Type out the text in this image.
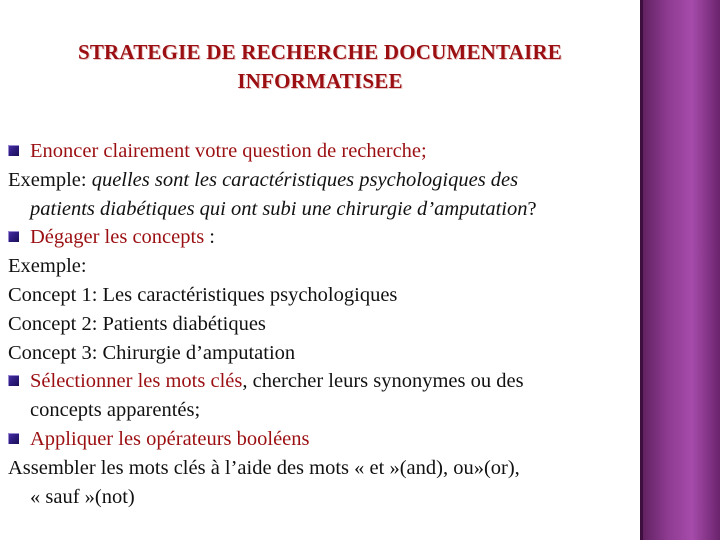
STRATEGIE DE RECHERCHE DOCUMENTAIRE
INFORMATISEE
Enoncer clairement votre question de recherche;
Exemple: quelles sont les caractéristiques psychologiques des
patients diabétiques qui ont subi une chirurgie d’amputation?
Dégager les concepts :
Exemple:
Concept 1: Les caractéristiques psychologiques
Concept 2: Patients diabétiques
Concept 3: Chirurgie d’amputation
Sélectionner les mots clés, chercher leurs synonymes ou des
concepts apparentés;
Appliquer les opérateurs booléens
Assembler les mots clés à l’aide des mots « et »(and), ou»(or),
« sauf »(not)
